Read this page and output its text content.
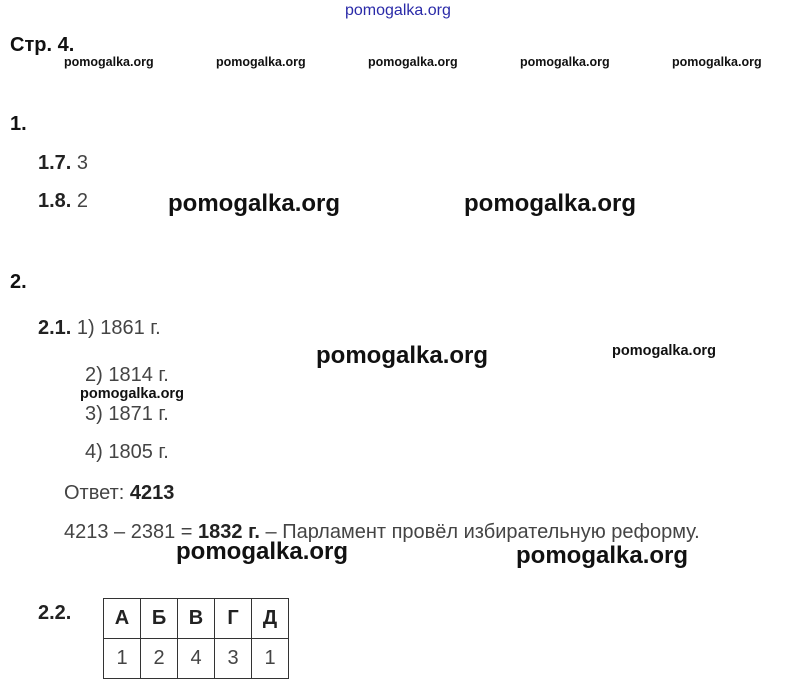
pomogalka.org
Стр. 4.
pomogalka.org	pomogalka.org	pomogalka.org	pomogalka.org	pomogalka.org
1.
1.7. 3
1.8. 2	pomogalka.org	pomogalka.org
2.
2.1. 1) 1861 г.
pomogalka.org	pomogalka.org
2) 1814 г.
3) 1871 г.
pomogalka.org
4) 1805 г.
Ответ: 4213
4213 – 2381 = 1832 г. – Парламент провёл избирательную реформу.
pomogalka.org	pomogalka.org
2.2. А	Б	В	Г	Д
1	2	4	3	1
